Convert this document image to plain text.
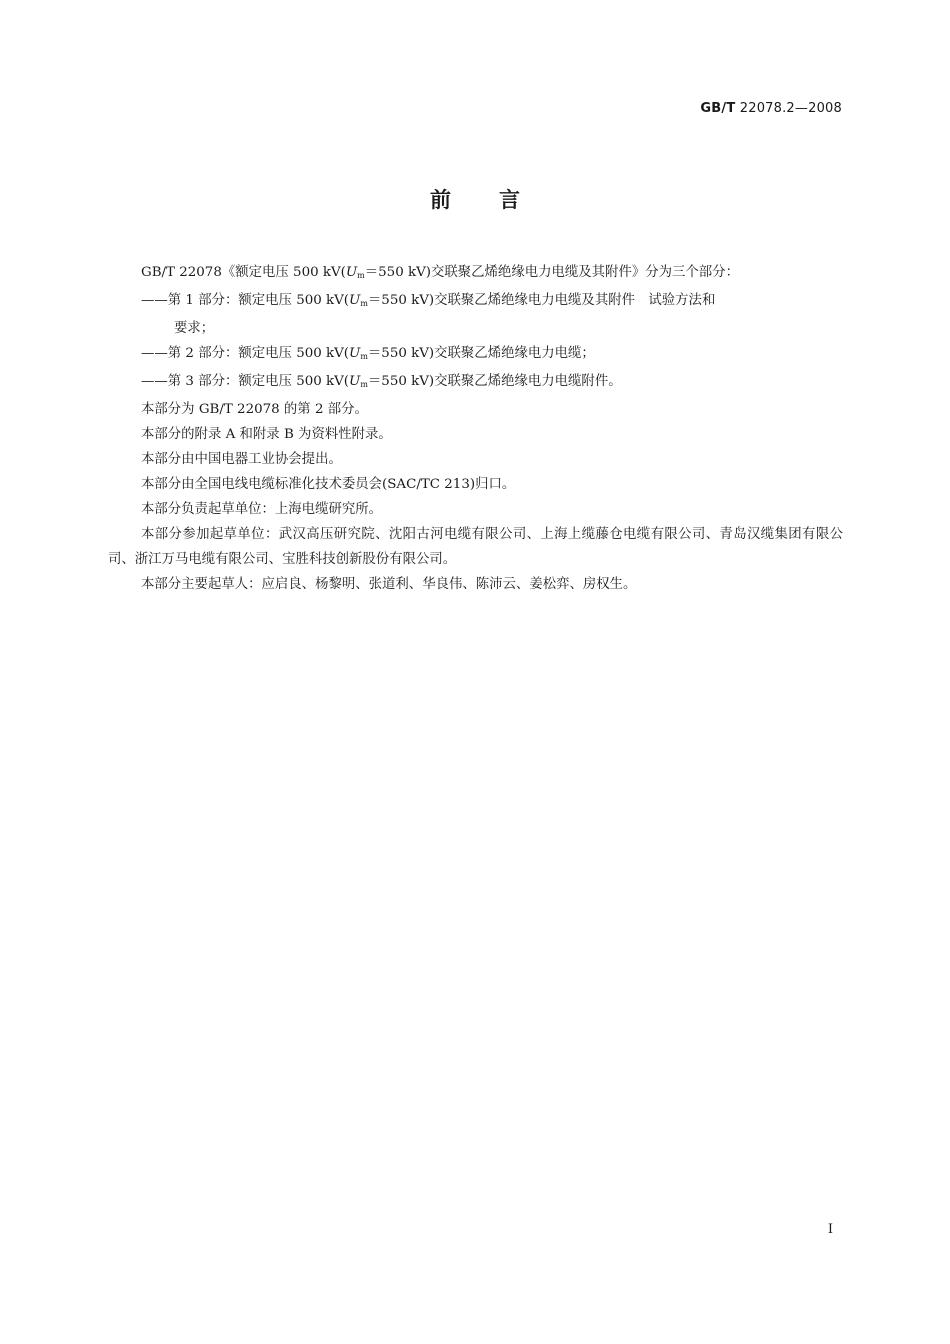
GB/T 22078.2—2008
前言
GB/T 22078《额定电压 500 $kV(U_m=550$ kV)交联聚乙烯绝缘电力电缆及其附件》分为三个部分：
——第 1 部分：额定电压 500 $kV(U_m=550$ kV)交联聚乙烯绝缘电力电缆及其附件　试验方法和
要求；
——第 2 部分：额定电压 500 $kV(U_m=550$ kV)交联聚乙烯绝缘电力电缆；
——第 3 部分：额定电压 500 $kV(U_m=550$ kV)交联聚乙烯绝缘电力电缆附件。
本部分为 GB/T 22078 的第 2 部分。
本部分的附录 A 和附录 B 为资料性附录。
本部分由中国电器工业协会提出。
本部分由全国电线电缆标准化技术委员会(SAC/TC 213)归口。
本部分负责起草单位：上海电缆研究所。
本部分参加起草单位：武汉高压研究院、沈阳古河电缆有限公司、上海上缆藤仓电缆有限公司、青岛汉缆集团有限公司、浙江万马电缆有限公司、宝胜科技创新股份有限公司。
本部分主要起草人：应启良、杨黎明、张道利、华良伟、陈沛云、姜松弈、房权生。
I
